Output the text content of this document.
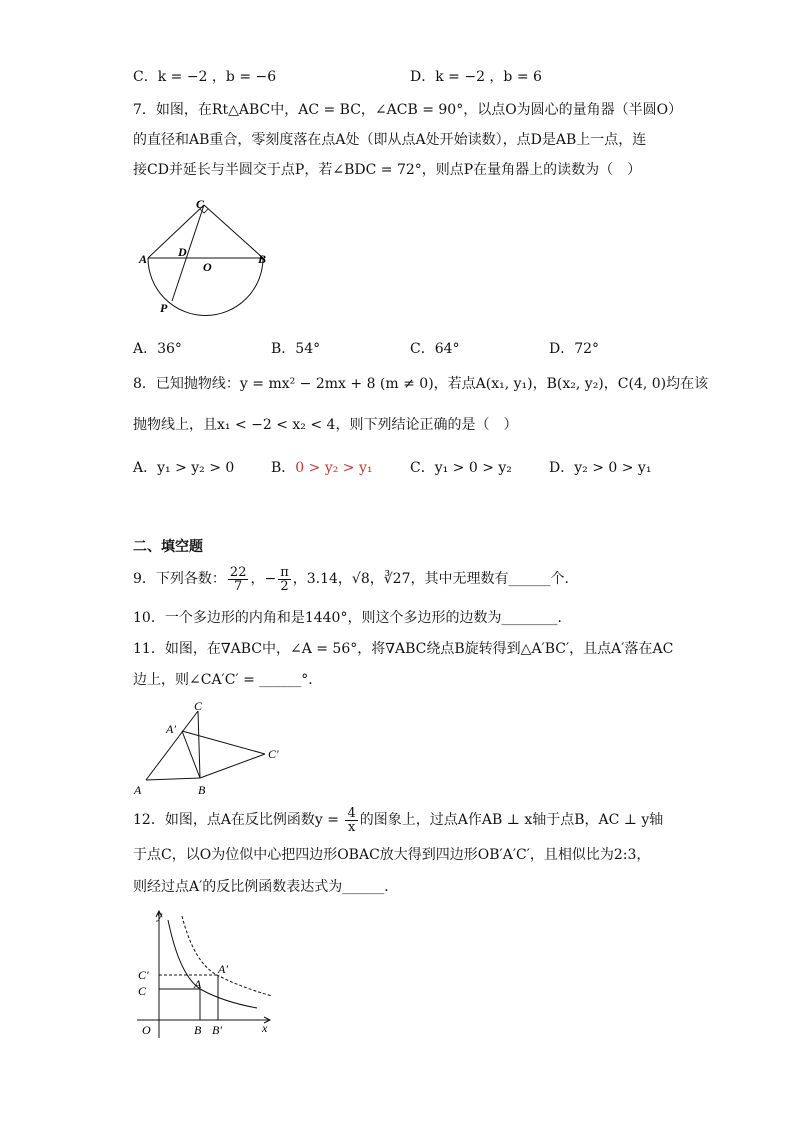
C．k = −2 ，b = −6	D．k = −2 ，b = 6
7．如图，在Rt△ABC中，AC = BC，∠ACB = 90°，以点O为圆心的量角器（半圆O）
的直径和AB重合，零刻度落在点A处（即从点A处开始读数），点D是AB上一点，连
接CD并延长与半圆交于点P，若∠BDC = 72°，则点P在量角器上的读数为（　）
C
A	D
O
B
P
A．36°	B．54°	C．64°	D．72°
8．已知抛物线：y = mx² − 2mx + 8 (m ≠ 0)，若点A(x₁, y₁)，B(x₂, y₂)，C(4, 0)均在该
抛物线上，且x₁ < −2 < x₂ < 4，则下列结论正确的是（　）
A．y₁ > y₂ > 0	B．0 > y₂ > y₁	C．y₁ > 0 > y₂	D．y₂ > 0 > y₁
二、填空题
9．下列各数： $\frac{22}{7}$ ，− $\frac{\pi}{2}$ ，3.14，√8，∛27，其中无理数有______个．
10．一个多边形的内角和是1440°，则这个多边形的边数为________．
11．如图，在∇ABC中，∠A = 56°，将∇ABC绕点B旋转得到△A′BC′，且点A′落在AC
边上，则∠CA′C′ = ______°．
C
A′
C′
A	B
12．如图，点A在反比例函数$y = \frac{4}{x}$ 的图象上，过点A作AB ⊥ x轴于点B，AC ⊥ y轴
于点C，以O为位似中心把四边形OBAC放大得到四边形OB′A′C′，且相似比为2:3，
则经过点A′的反比例函数表达式为______．
y
C′
C
A′
A
O	B B′	x
